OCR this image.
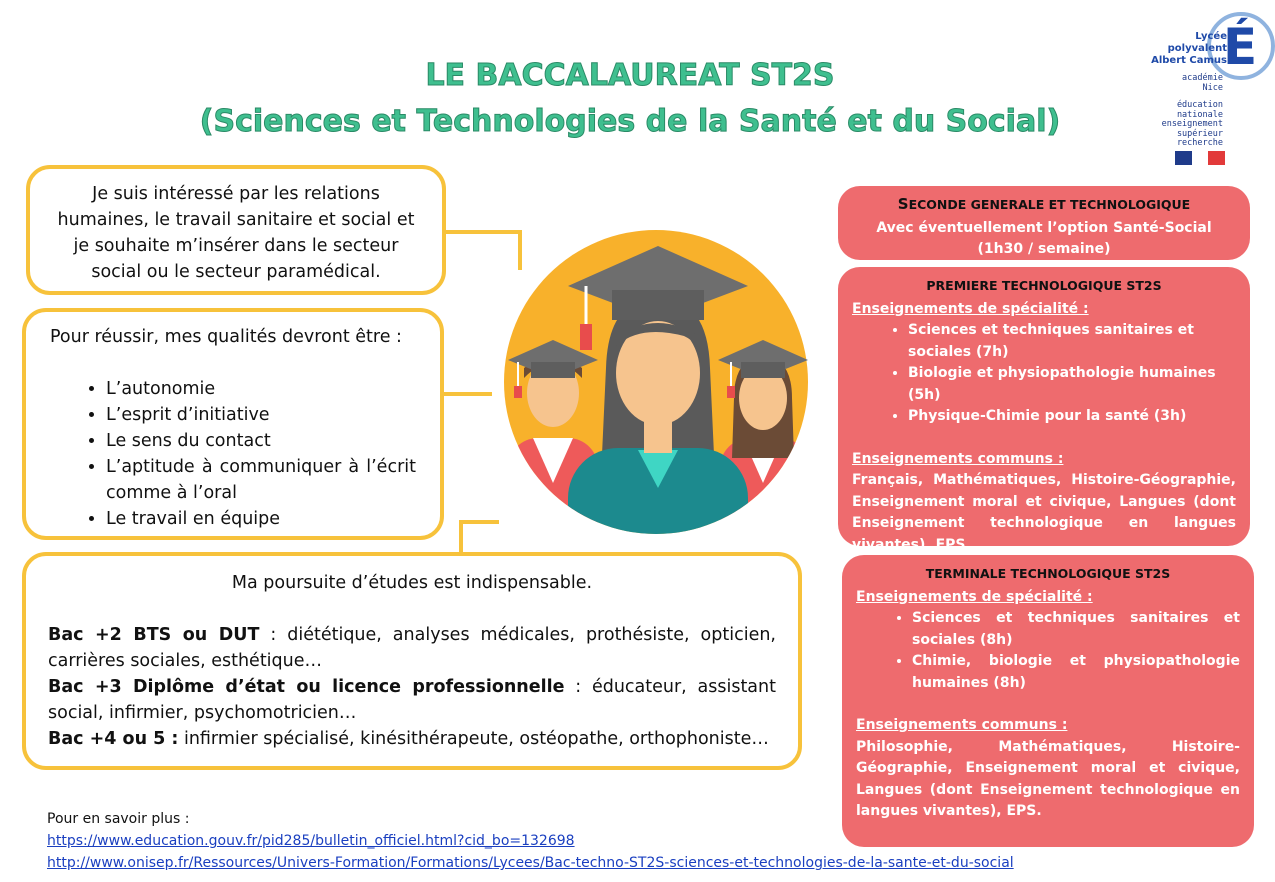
LE BACCALAUREAT ST2S
(Sciences et Technologies de la Santé et du Social)
É
Lycée polyvalent
Albert Camus
académie
Nice
éducation
nationale
enseignement
supérieur
recherche
Je suis intéressé par les relations humaines, le travail sanitaire et social et je souhaite m’insérer dans le secteur social ou le secteur paramédical.
Pour réussir, mes qualités devront être :
• L’autonomie
• L’esprit d’initiative
• Le sens du contact
• L’aptitude à communiquer à l’écrit comme à l’oral
• Le travail en équipe
Ma poursuite d’études est indispensable.

Bac +2 BTS ou DUT : diététique, analyses médicales, prothésiste, opticien, carrières sociales, esthétique…

Bac +3 Diplôme d’état ou licence professionnelle : éducateur, assistant social, infirmier, psychomotricien…

Bac +4 ou 5 : infirmier spécialisé, kinésithérapeute, ostéopathe, orthophoniste…

SECONDE GENERALE ET TECHNOLOGIQUE
Avec éventuellement l’option Santé-Social (1h30 / semaine)
PREMIERE TECHNOLOGIQUE ST2S
Enseignements de spécialité :
• Sciences et techniques sanitaires et sociales (7h)
• Biologie et physiopathologie humaines (5h)
• Physique-Chimie pour la santé (3h)
Enseignements communs :
Français, Mathématiques, Histoire-Géographie, Enseignement moral et civique, Langues (dont Enseignement technologique en langues vivantes), EPS.
TERMINALE TECHNOLOGIQUE ST2S
Enseignements de spécialité :
• Sciences et techniques sanitaires et sociales (8h)
• Chimie, biologie et physiopathologie humaines (8h)
Enseignements communs :
Philosophie, Mathématiques, Histoire-Géographie, Enseignement moral et civique, Langues (dont Enseignement technologique en langues vivantes), EPS.
Pour en savoir plus :
https://www.education.gouv.fr/pid285/bulletin_officiel.html?cid_bo=132698
http://www.onisep.fr/Ressources/Univers-Formation/Formations/Lycees/Bac-techno-ST2S-sciences-et-technologies-de-la-sante-et-du-social
